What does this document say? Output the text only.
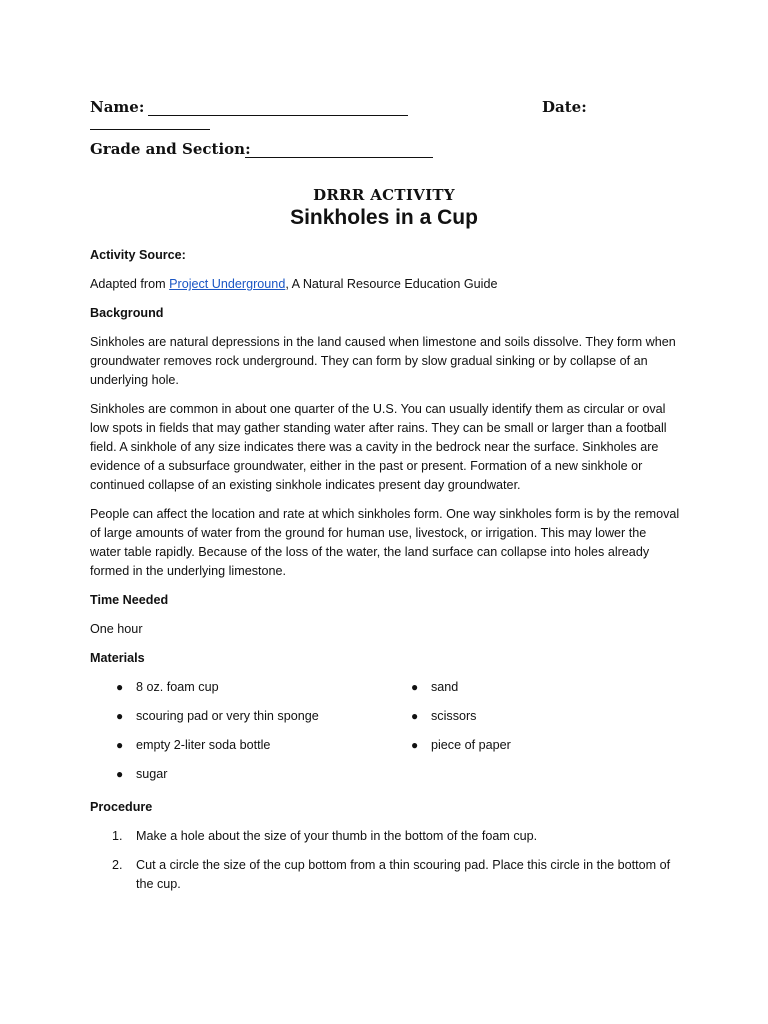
Name:	Date:
Grade and Section:
DRRR ACTIVITY
Sinkholes in a Cup
Activity Source:
Adapted from Project Underground, A Natural Resource Education Guide
Background
Sinkholes are natural depressions in the land caused when limestone and soils dissolve. They form when groundwater removes rock underground. They can form by slow gradual sinking or by collapse of an underlying hole.
Sinkholes are common in about one quarter of the U.S. You can usually identify them as circular or oval low spots in fields that may gather standing water after rains. They can be small or larger than a football field. A sinkhole of any size indicates there was a cavity in the bedrock near the surface. Sinkholes are evidence of a subsurface groundwater, either in the past or present. Formation of a new sinkhole or continued collapse of an existing sinkhole indicates present day groundwater.
People can affect the location and rate at which sinkholes form. One way sinkholes form is by the removal of large amounts of water from the ground for human use, livestock, or irrigation. This may lower the water table rapidly. Because of the loss of the water, the land surface can collapse into holes already formed in the underlying limestone.
Time Needed
One hour
Materials
● 8 oz. foam cup
● scouring pad or very thin sponge
● empty 2-liter soda bottle
● sugar
● sand
● scissors
● piece of paper
Procedure
1. Make a hole about the size of your thumb in the bottom of the foam cup.
2. Cut a circle the size of the cup bottom from a thin scouring pad. Place this circle in the bottom of the cup.
